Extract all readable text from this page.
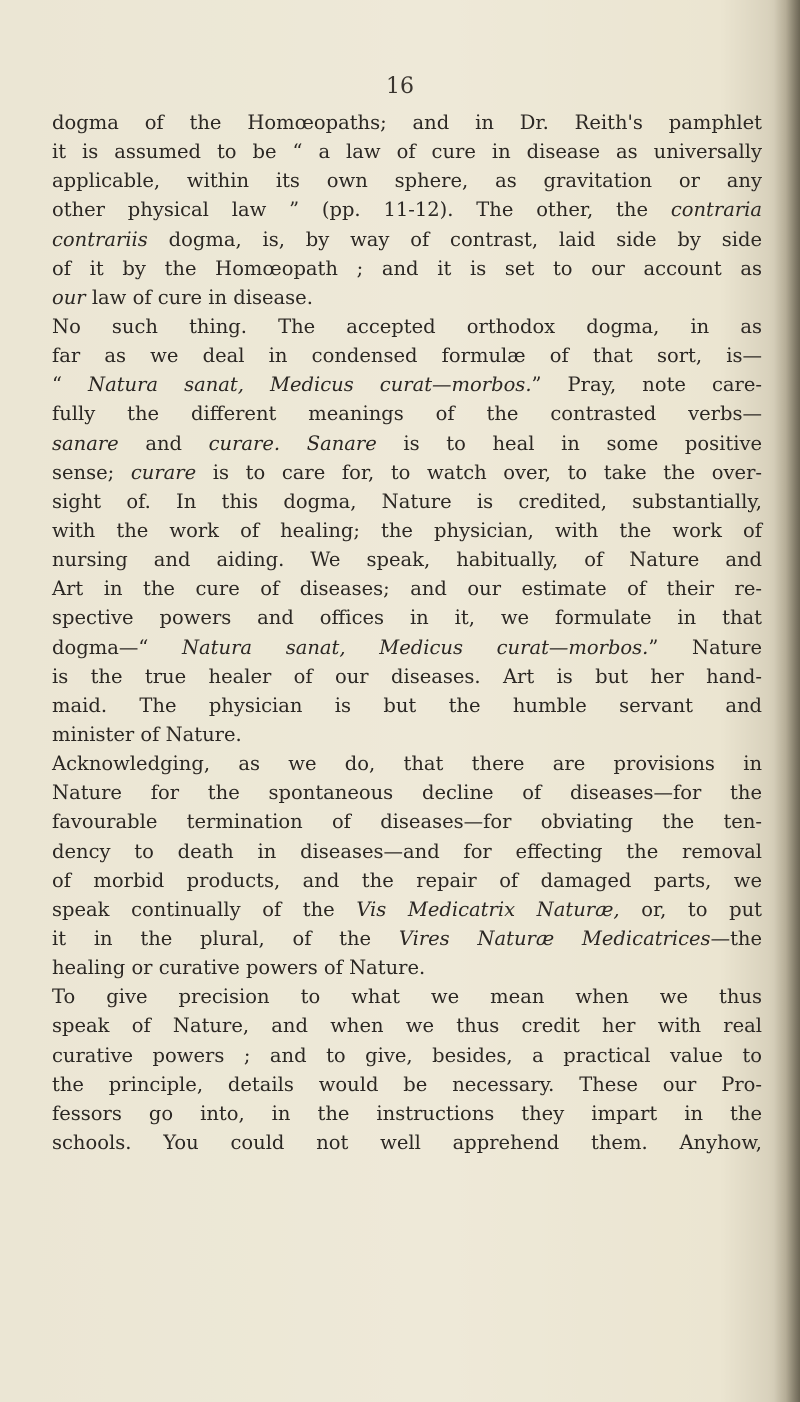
16

dogma of the Homœopaths; and in Dr. Reith's pamphlet
it is assumed to be “ a law of cure in disease as universally
applicable, within its own sphere, as gravitation or any
other physical law ” (pp. 11-12). The other, the contraria
contrariis dogma, is, by way of contrast, laid side by side
of it by the Homœopath ; and it is set to our account as
our law of cure in disease.
No such thing. The accepted orthodox dogma, in as
far as we deal in condensed formulæ of that sort, is—
“ Natura sanat, Medicus curat—morbos.” Pray, note care-
fully the different meanings of the contrasted verbs—
sanare and curare. Sanare is to heal in some positive
sense; curare is to care for, to watch over, to take the over-
sight of. In this dogma, Nature is credited, substantially,
with the work of healing; the physician, with the work of
nursing and aiding. We speak, habitually, of Nature and
Art in the cure of diseases; and our estimate of their re-
spective powers and offices in it, we formulate in that
dogma—“ Natura sanat, Medicus curat—morbos.” Nature
is the true healer of our diseases. Art is but her hand-
maid. The physician is but the humble servant and
minister of Nature.
Acknowledging, as we do, that there are provisions in
Nature for the spontaneous decline of diseases—for the
favourable termination of diseases—for obviating the ten-
dency to death in diseases—and for effecting the removal
of morbid products, and the repair of damaged parts, we
speak continually of the Vis Medicatrix Naturæ, or, to put
it in the plural, of the Vires Naturæ Medicatrices—the
healing or curative powers of Nature.
To give precision to what we mean when we thus
speak of Nature, and when we thus credit her with real
curative powers ; and to give, besides, a practical value to
the principle, details would be necessary. These our Pro-
fessors go into, in the instructions they impart in the
schools. You could not well apprehend them. Anyhow,
